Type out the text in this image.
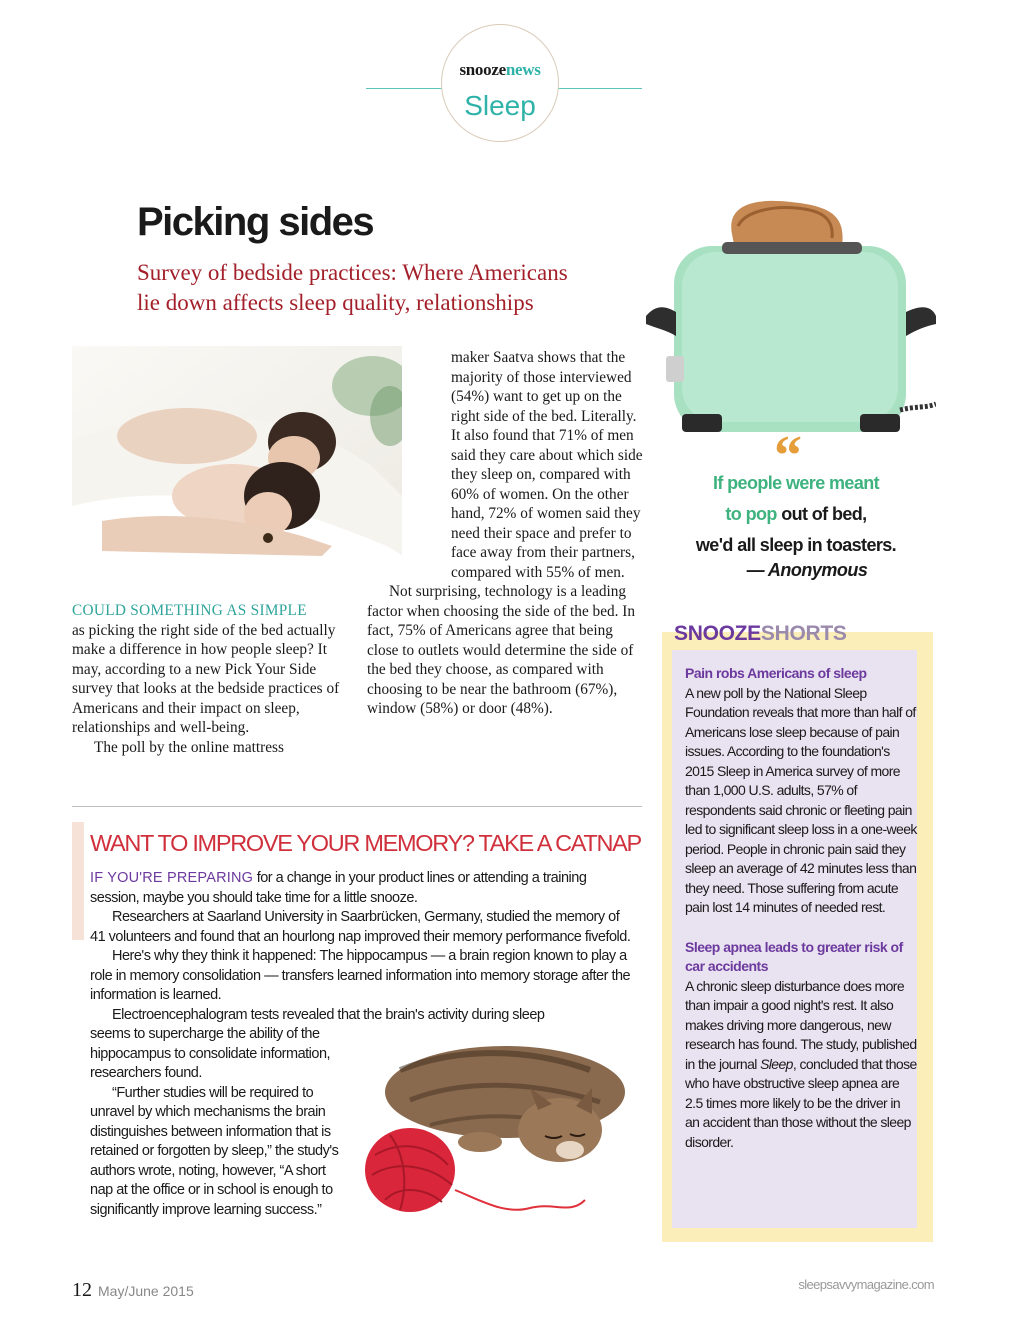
snoozenews
Sleep
Picking sides
Survey of bedside practices: Where Americans
lie down affects sleep quality, relationships
COULD SOMETHING AS SIMPLE

as picking the right side of the bed actually make a difference in how people sleep? It may, according to a new Pick Your Side survey that looks at the bedside practices of Americans and their impact on sleep, relationships and well-being.

The poll by the online mattress

maker Saatva shows that the majority of those interviewed (54%) want to get up on the right side of the bed. Literally. It also found that 71% of men said they care about which side they sleep on, compared with 60% of women. On the other hand, 72% of women said they need their space and prefer to face away from their partners, compared with 55% of men.

Not surprising, technology is a leading factor when choosing the side of the bed. In fact, 75% of Americans agree that being close to outlets would determine the side of the bed they choose, as compared with choosing to be near the bathroom (67%), window (58%) or door (48%).

WANT TO IMPROVE YOUR MEMORY? TAKE A CATNAP

IF YOU'RE PREPARING for a change in your product lines or attending a training session, maybe you should take time for a little snooze.

Researchers at Saarland University in Saarbrücken, Germany, studied the memory of 41 volunteers and found that an hourlong nap improved their memory performance fivefold.

Here's why they think it happened: The hippocampus — a brain region known to play a role in memory consolidation — transfers learned information into memory storage after the information is learned.

Electroencephalogram tests revealed that the brain's activity during sleep

seems to supercharge the ability of the hippocampus to consolidate information, researchers found.

“Further studies will be required to unravel by which mechanisms the brain distinguishes between information that is retained or forgotten by sleep,” the study's authors wrote, noting, however, “A short nap at the office or in school is enough to significantly improve learning success.”

“
If people were meant
to pop out of bed,
we'd all sleep in toasters.
— Anonymous
SNOOZESHORTS
Pain robs Americans of sleep

A new poll by the National Sleep Foundation reveals that more than half of Americans lose sleep because of pain issues. According to the foundation's 2015 Sleep in America survey of more than 1,000 U.S. adults, 57% of respondents said chronic or fleeting pain led to significant sleep loss in a one-week period. People in chronic pain said they sleep an average of 42 minutes less than they need. Those suffering from acute pain lost 14 minutes of needed rest.

Sleep apnea leads to greater risk of car accidents

A chronic sleep disturbance does more than impair a good night's rest. It also makes driving more dangerous, new research has found. The study, published in the journal Sleep, concluded that those who have obstructive sleep apnea are 2.5 times more likely to be the driver in an accident than those without the sleep disorder.

12 May/June 2015	sleepsavvymagazine.com
